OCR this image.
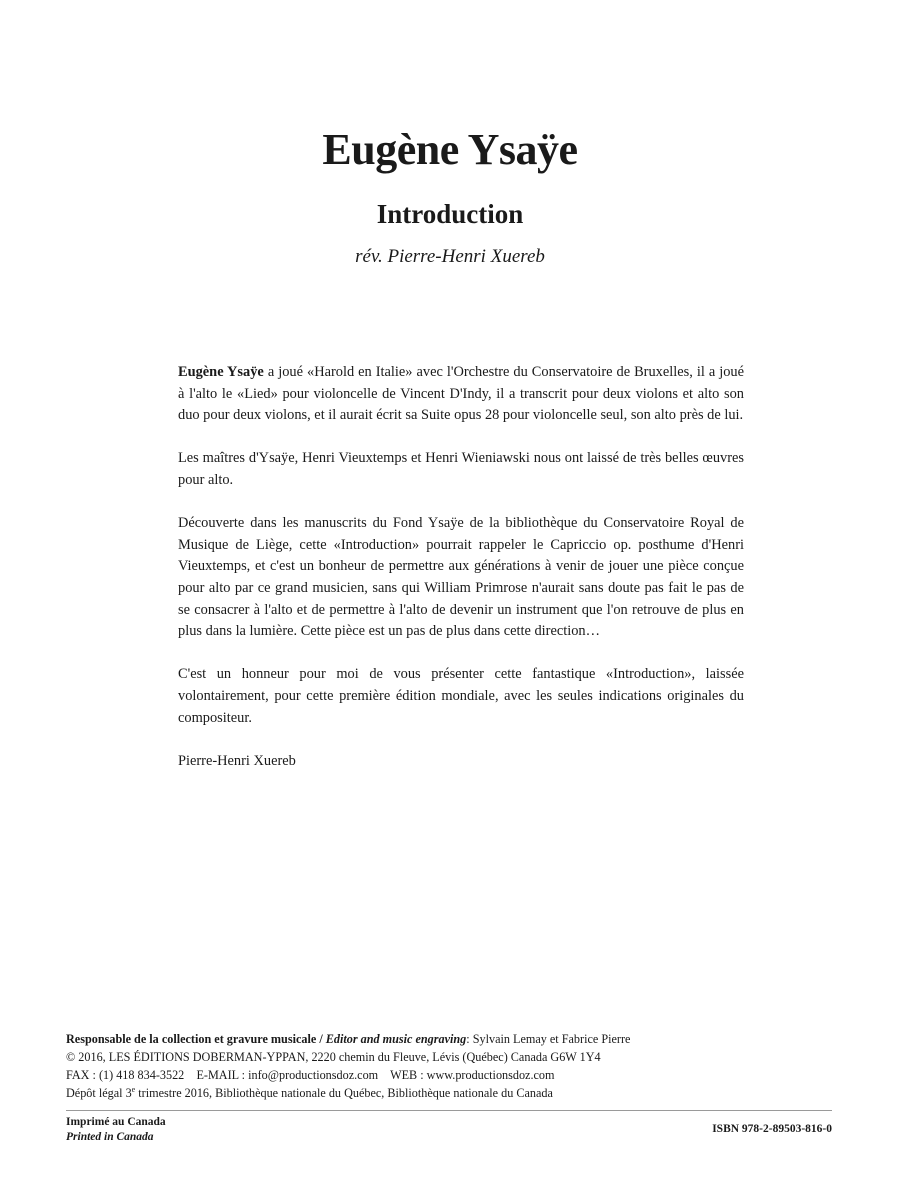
Eugène Ysaÿe
Introduction
rév. Pierre-Henri Xuereb

Eugène Ysaÿe a joué «Harold en Italie» avec l'Orchestre du Conservatoire de Bruxelles, il a joué à l'alto le «Lied» pour violoncelle de Vincent D'Indy, il a transcrit pour deux violons et alto son duo pour deux violons, et il aurait écrit sa Suite opus 28 pour violoncelle seul, son alto près de lui.

Les maîtres d'Ysaÿe, Henri Vieuxtemps et Henri Wieniawski nous ont laissé de très belles œuvres pour alto.

Découverte dans les manuscrits du Fond Ysaÿe de la bibliothèque du Conservatoire Royal de Musique de Liège, cette «Introduction» pourrait rappeler le Capriccio op. posthume d'Henri Vieuxtemps, et c'est un bonheur de permettre aux générations à venir de jouer une pièce conçue pour alto par ce grand musicien, sans qui William Primrose n'aurait sans doute pas fait le pas de se consacrer à l'alto et de permettre à l'alto de devenir un instrument que l'on retrouve de plus en plus dans la lumière. Cette pièce est un pas de plus dans cette direction…

C'est un honneur pour moi de vous présenter cette fantastique «Introduction», laissée volontairement, pour cette première édition mondiale, avec les seules indications originales du compositeur.

Pierre-Henri Xuereb

Responsable de la collection et gravure musicale / Editor and music engraving: Sylvain Lemay et Fabrice Pierre
© 2016, LES ÉDITIONS DOBERMAN-YPPAN, 2220 chemin du Fleuve, Lévis (Québec) Canada G6W 1Y4
FAX : (1) 418 834-3522    E-MAIL : info@productionsdoz.com    WEB : www.productionsdoz.com
Dépôt légal 3e trimestre 2016, Bibliothèque nationale du Québec, Bibliothèque nationale du Canada
Imprimé au Canada
Printed in Canada
ISBN 978-2-89503-816-0
